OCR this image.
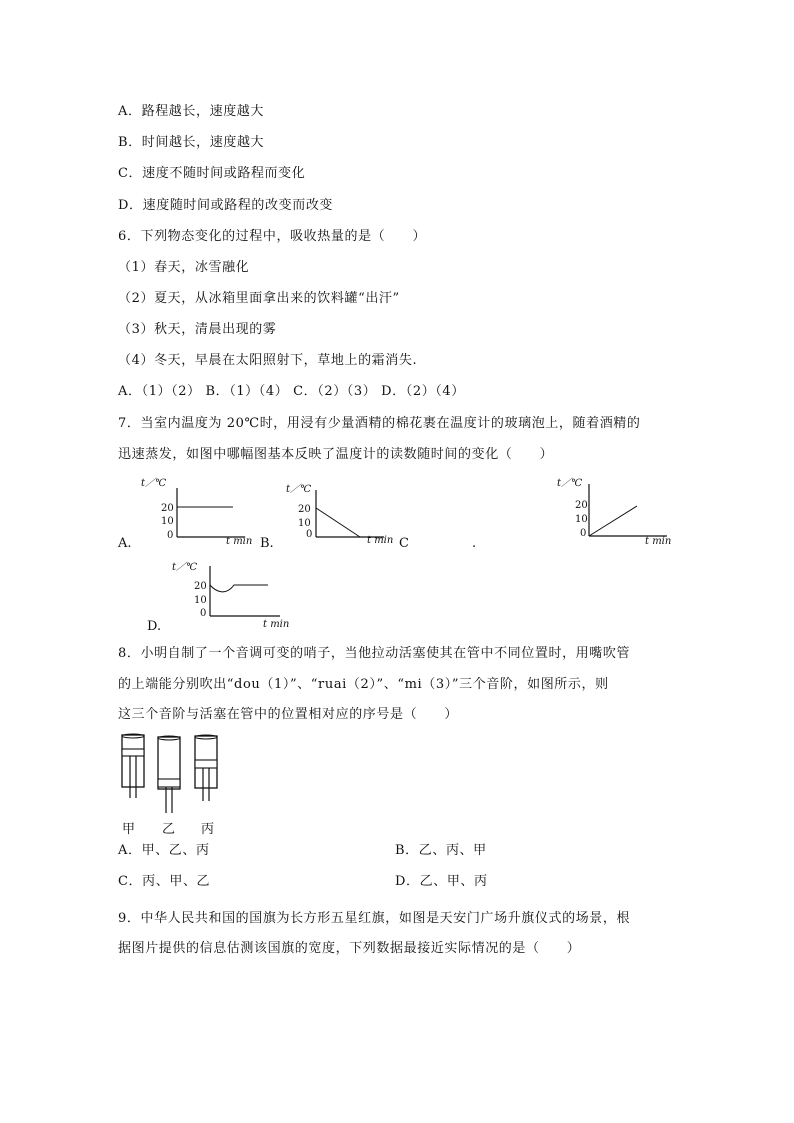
A．路程越长，速度越大
B．时间越长，速度越大
C．速度不随时间或路程而变化
D．速度随时间或路程的改变而改变
6．下列物态变化的过程中，吸收热量的是（　　）
（1）春天，冰雪融化
（2）夏天，从冰箱里面拿出来的饮料罐“出汗”
（3）秋天，清晨出现的雾
（4）冬天，早晨在太阳照射下，草地上的霜消失.
A．（1）（2） B．（1）（4） C．（2）（3） D．（2）（4）
7．当室内温度为 20℃时，用浸有少量酒精的棉花裹在温度计的玻璃泡上，随着酒精的
迅速蒸发，如图中哪幅图基本反映了温度计的读数随时间的变化（　　）
t／℃
20
10
0
A.	t min
t／℃
20
10
0
B.	t min
t／℃
20
10
0
C	.	t min
t／℃
20
10
0
D.	t min
8．小明自制了一个音调可变的哨子，当他拉动活塞使其在管中不同位置时，用嘴吹管
的上端能分别吹出“dou（1）”、“ruai（2）”、“mi（3）”三个音阶，如图所示，则
这三个音阶与活塞在管中的位置相对应的序号是（　　）
甲 乙 丙
A．甲、乙、丙	B．乙、丙、甲
C．丙、甲、乙	D．乙、甲、丙
9．中华人民共和国的国旗为长方形五星红旗，如图是天安门广场升旗仪式的场景，根
据图片提供的信息估测该国旗的宽度，下列数据最接近实际情况的是（　　）
